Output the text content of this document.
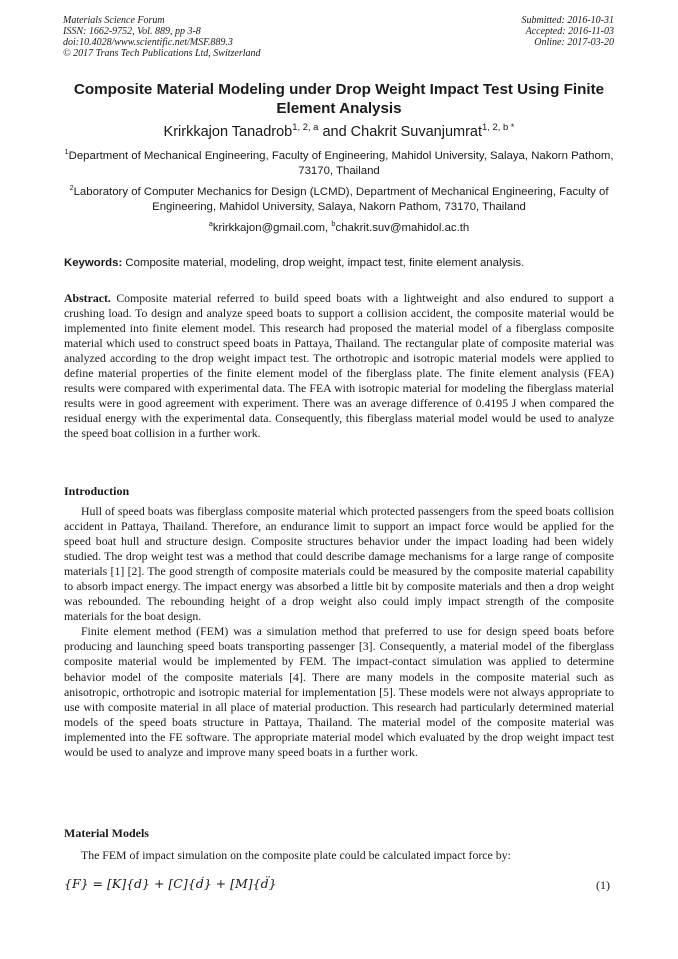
Materials Science Forum
ISSN: 1662-9752, Vol. 889, pp 3-8
doi:10.4028/www.scientific.net/MSF.889.3
© 2017 Trans Tech Publications Ltd, Switzerland
Submitted: 2016-10-31
Accepted: 2016-11-03
Online: 2017-03-20
Composite Material Modeling under Drop Weight Impact Test Using Finite Element Analysis
Krirkkajon Tanadrob$^{1, 2, a}$ and Chakrit Suvanjumrat$^{1, 2, b *}$
$^1$Department of Mechanical Engineering, Faculty of Engineering, Mahidol University, Salaya, Nakorn Pathom, 73170, Thailand
$^2$Laboratory of Computer Mechanics for Design (LCMD), Department of Mechanical Engineering, Faculty of Engineering, Mahidol University, Salaya, Nakorn Pathom, 73170, Thailand
$^a$krirkkajon@gmail.com, $^b$chakrit.suv@mahidol.ac.th
Keywords: Composite material, modeling, drop weight, impact test, finite element analysis.
Abstract. Composite material referred to build speed boats with a lightweight and also endured to support a crushing load. To design and analyze speed boats to support a collision accident, the composite material would be implemented into finite element model. This research had proposed the material model of a fiberglass composite material which used to construct speed boats in Pattaya, Thailand. The rectangular plate of composite material was analyzed according to the drop weight impact test. The orthotropic and isotropic material models were applied to define material properties of the finite element model of the fiberglass plate. The finite element analysis (FEA) results were compared with experimental data. The FEA with isotropic material for modeling the fiberglass material results were in good agreement with experiment. There was an average difference of 0.4195 J when compared the residual energy with the experimental data. Consequently, this fiberglass material model would be used to analyze the speed boat collision in a further work.
Introduction

Hull of speed boats was fiberglass composite material which protected passengers from the speed boats collision accident in Pattaya, Thailand. Therefore, an endurance limit to support an impact force would be applied for the speed boat hull and structure design. Composite structures behavior under the impact loading had been widely studied. The drop weight test was a method that could describe damage mechanisms for a large range of composite materials [1] [2]. The good strength of composite materials could be measured by the composite material capability to absorb impact energy. The impact energy was absorbed a little bit by composite materials and then a drop weight was rebounded. The rebounding height of a drop weight also could imply impact strength of the composite materials for the boat design.

Finite element method (FEM) was a simulation method that preferred to use for design speed boats before producing and launching speed boats transporting passenger [3]. Consequently, a material model of the fiberglass composite material would be implemented by FEM. The impact-contact simulation was applied to determine behavior model of the composite materials [4]. There are many models in the composite material such as anisotropic, orthotropic and isotropic material for implementation [5]. These models were not always appropriate to use with composite material in all place of material production. This research had particularly determined material models of the speed boats structure in Pattaya, Thailand. The material model of the composite material was implemented into the FE software. The appropriate material model which evaluated by the drop weight impact test would be used to analyze and improve many speed boats in a further work.

Material Models

The FEM of impact simulation on the composite plate could be calculated impact force by:

{F} = [K]{d} + [C]{ḋ} + [M]{d̈}	(1)
